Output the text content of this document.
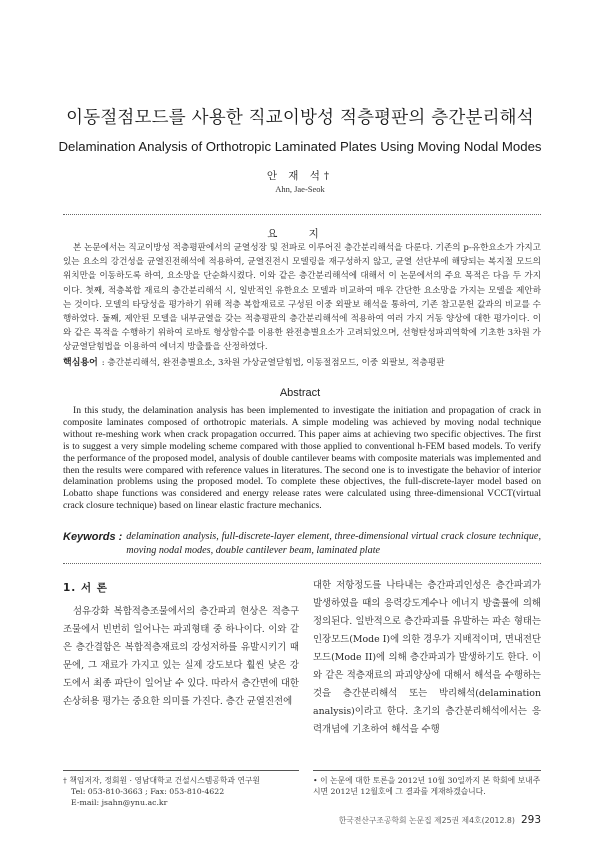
이동절점모드를 사용한 직교이방성 적층평판의 층간분리해석
Delamination Analysis of Orthotropic Laminated Plates Using Moving Nodal Modes
안 재 석†
Ahn, Jae-Seok
요 지

본 논문에서는 직교이방성 적층평판에서의 균열성장 및 전파로 이루어진 층간분리해석을 다룬다. 기존의 p-유한요소가 가지고 있는 요소의 강건성을 균열진전해석에 적용하여, 균열진전시 모델링을 재구성하지 않고, 균열 선단부에 해당되는 복지절 모드의 위치만을 이동하도록 하여, 요소망을 단순화시켰다. 이와 같은 층간분리해석에 대해서 이 논문에서의 주요 목적은 다음 두 가지이다. 첫째, 적층복합 재료의 층간분리해석 시, 일반적인 유한요소 모델과 비교하여 매우 간단한 요소망을 가지는 모델을 제안하는 것이다. 모델의 타당성을 평가하기 위해 적층 복합재료로 구성된 이중 외팔보 해석을 통하여, 기존 참고문헌 값과의 비교를 수행하였다. 둘째, 제안된 모델을 내부균열을 갖는 적층평판의 층간분리해석에 적용하여 여러 가지 거동 양상에 대한 평가이다. 이와 같은 목적을 수행하기 위하여 로바토 형상함수를 이용한 완전층별요소가 고려되었으며, 선형탄성파괴역학에 기초한 3차원 가상균열닫힘법을 이용하여 에너지 방출률을 산정하였다.

핵심용어 : 층간분리해석, 완전층별요소, 3차원 가상균열닫힘법, 이동절점모드, 이중 외팔보, 적층평판
Abstract

In this study, the delamination analysis has been implemented to investigate the initiation and propagation of crack in composite laminates composed of orthotropic materials. A simple modeling was achieved by moving nodal technique without re-meshing work when crack propagation occurred. This paper aims at achieving two specific objectives. The first is to suggest a very simple modeling scheme compared with those applied to conventional h-FEM based models. To verify the performance of the proposed model, analysis of double cantilever beams with composite materials was implemented and then the results were compared with reference values in literatures. The second one is to investigate the behavior of interior delamination problems using the proposed model. To complete these objectives, the full-discrete-layer model based on Lobatto shape functions was considered and energy release rates were calculated using three-dimensional VCCT(virtual crack closure technique) based on linear elastic fracture mechanics.

Keywords : delamination analysis, full-discrete-layer element, three-dimensional virtual crack closure technique, moving nodal modes, double cantilever beam, laminated plate
1. 서 론

섬유강화 복합적층조물에서의 층간파괴 현상은 적층구조물에서 빈번히 일어나는 파괴형태 중 하나이다. 이와 같은 층간결함은 복합적층재료의 강성저하를 유발시키기 때문에, 그 재료가 가지고 있는 실제 강도보다 훨씬 낮은 강도에서 최종 파단이 일어날 수 있다. 따라서 층간면에 대한 손상허용 평가는 중요한 의미를 가진다. 층간 균열진전에

대한 저항정도를 나타내는 층간파괴인성은 층간파괴가 발생하였을 때의 응력강도계수나 에너지 방출률에 의해 정의된다. 일반적으로 층간파괴를 유발하는 파손 형태는 인장모드(Mode I)에 의한 경우가 지배적이며, 면내전단모드(Mode II)에 의해 층간파괴가 발생하기도 한다. 이와 같은 적층재료의 파괴양상에 대해서 해석을 수행하는 것을 층간분리해석 또는 박리해석(delamination analysis)이라고 한다. 초기의 층간분리해석에서는 응력개념에 기초하여 해석을 수행

† 책임저자, 정회원 · 영남대학교 건설시스템공학과 연구원
Tel: 053-810-3663 ; Fax: 053-810-4622
E-mail: jsahn@ynu.ac.kr
• 이 논문에 대한 토론을 2012년 10월 30일까지 본 학회에 보내주시면 2012년 12월호에 그 결과를 게재하겠습니다.
한국전산구조공학회 논문집 제25권 제4호(2012.8) 293
